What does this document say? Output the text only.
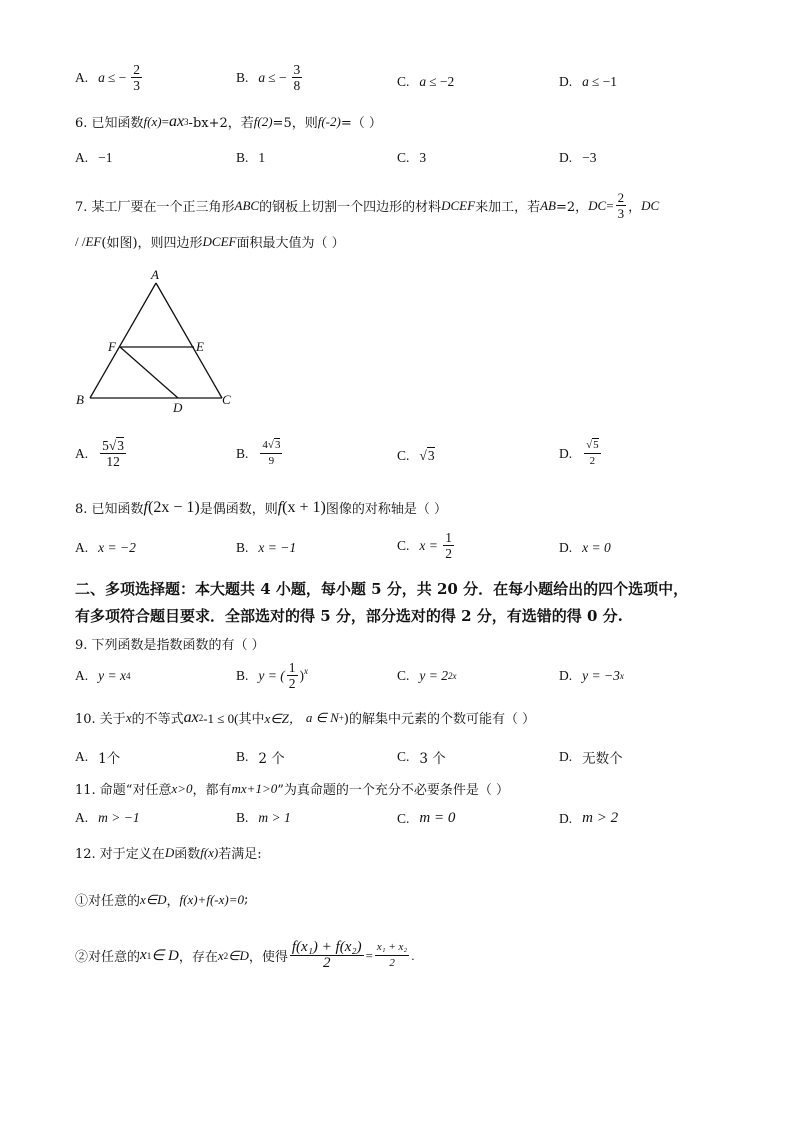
A. a ≤ − $\frac{2}{3}$	B. a ≤ − $\frac{3}{8}$	C. a ≤ −2	D. a ≤ −1
6. 已知函数 f(x) = ax 3 -bx+2，若 f(2) =5，则 f(-2) =（ ）
A. −1	B. 1	C. 3	D. −3
7. 某工厂要在一个正三角形 ABC 的钢板上切割一个四边形的材料 DCEF 来加工，若 AB =2， DC = $\frac{2}{3}$ ， DC
/ / EF (如图)，则四边形 DCEF 面积最大值为（ ）
A
B	C
D
E
F
A. $\frac{5√3}{12}$	B. $\frac{4√3}{9}$	C. √3	D. $\frac{√5}{2}$
8. 已知函数 f (2x − 1) 是偶函数，则 f (x + 1) 图像的对称轴是（ ）
A. x = −2	B. x = −1	C. $x = \frac{1}{2}$	D. x = 0
二、多项选择题：本大题共 4 小题，每小题 5 分，共 20 分．在每小题给出的四个选项中，
有多项符合题目要求．全部选对的得 5 分，部分选对的得 2 分，有选错的得 0 分.
9. 下列函数是指数函数的有（ ）
A. y = x 4	B. y = ( $\frac{1}{2} )^x$	C. y = 2 2x	D. y = −3 x
10. 关于 x 的不等式 ax 2 -1 ≤ 0(其中 x∈Z， a ∈ N + )的解集中元素的个数可能有（ ）
A. 1个	B. 2 个	C. 3 个	D. 无数个
11. 命题“对任意 x>0 ，都有 mx+1>0 ”为真命题的一个充分不必要条件是（ ）
A. m > −1	B. m > 1	C. m = 0	D. m > 2
12. 对于定义在 D 函数 f(x) 若满足:
①对任意的 x∈D ， f(x)+f(-x)=0 ;
②对任意的 x 1 ∈ D ，存在 x 2 ∈D ，使得 $\frac{\text{f(x₁) + f(x₂)}}{2} = \frac{\text{x₁ + x₂}}{2}$ .
